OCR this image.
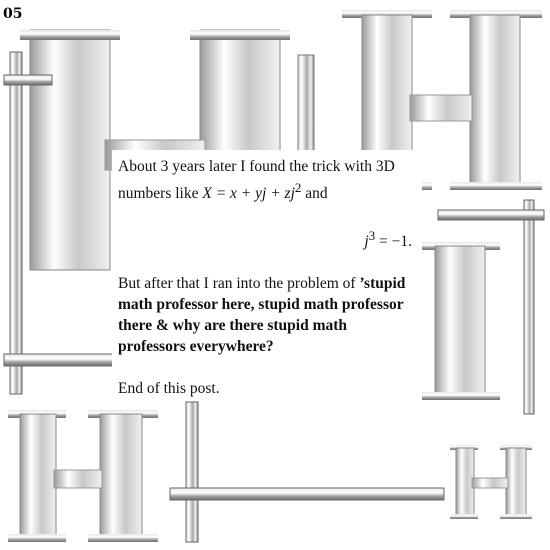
05

About 3 years later I found the trick with 3D numbers like X = x + yj + $zj^2$ and

$j^3 = -1$.

But after that I ran into the problem of ’stupid math professor here, stupid math professor there & why are there stupid math professors everywhere?

End of this post.
